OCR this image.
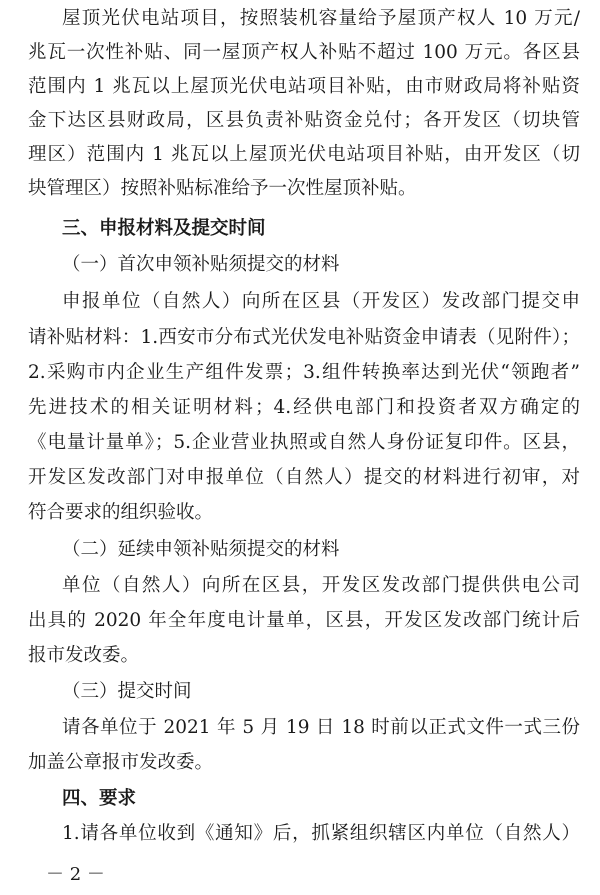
屋顶光伏电站项目，按照装机容量给予屋顶产权人 10 万元/
兆瓦一次性补贴、同一屋顶产权人补贴不超过 100 万元。各区县
范围内 1 兆瓦以上屋顶光伏电站项目补贴，由市财政局将补贴资
金下达区县财政局，区县负责补贴资金兑付；各开发区（切块管
理区）范围内 1 兆瓦以上屋顶光伏电站项目补贴，由开发区（切
块管理区）按照补贴标准给予一次性屋顶补贴。
三、申报材料及提交时间
（一）首次申领补贴须提交的材料
申报单位（自然人）向所在区县（开发区）发改部门提交申
请补贴材料：1.西安市分布式光伏发电补贴资金申请表（见附件）；
2.采购市内企业生产组件发票；3.组件转换率达到光伏“领跑者”
先进技术的相关证明材料；4.经供电部门和投资者双方确定的
《电量计量单》；5.企业营业执照或自然人身份证复印件。区县，
开发区发改部门对申报单位（自然人）提交的材料进行初审，对
符合要求的组织验收。
（二）延续申领补贴须提交的材料
单位（自然人）向所在区县，开发区发改部门提供供电公司
出具的 2020 年全年度电计量单，区县，开发区发改部门统计后
报市发改委。
（三）提交时间
请各单位于 2021 年 5 月 19 日 18 时前以正式文件一式三份
加盖公章报市发改委。
四、要求
1.请各单位收到《通知》后，抓紧组织辖区内单位（自然人）
－ 2 －
